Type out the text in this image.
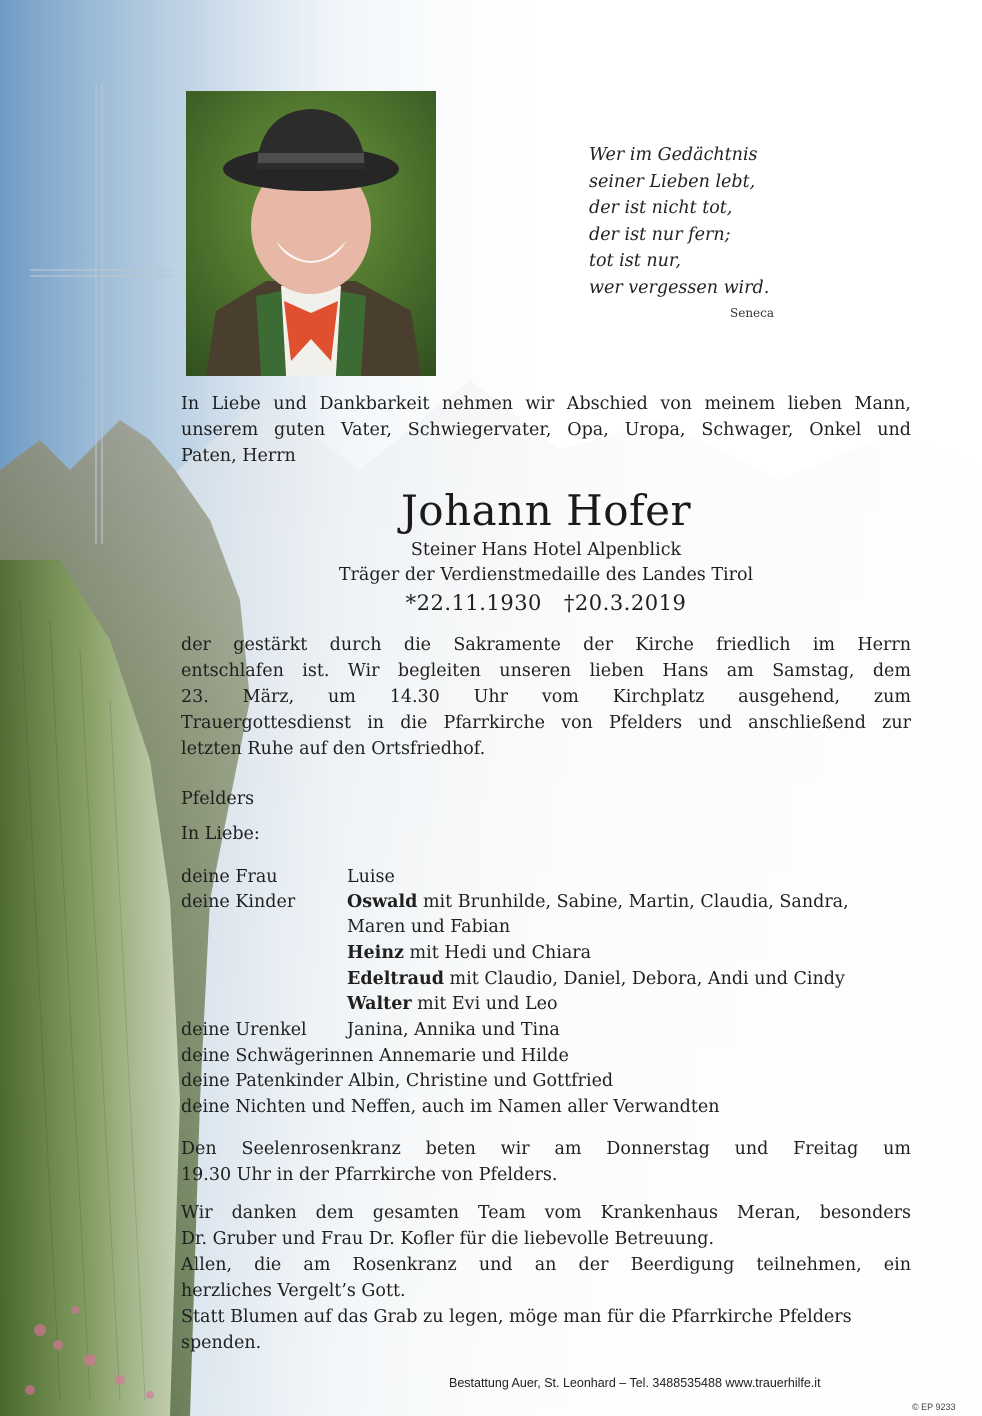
Wer im Gedächtnis
seiner Lieben lebt,
der ist nicht tot,
der ist nur fern;
tot ist nur,
wer vergessen wird.
Seneca
In Liebe und Dankbarkeit nehmen wir Abschied von meinem lieben Mann,
unserem guten Vater, Schwiegervater, Opa, Uropa, Schwager, Onkel und
Paten, Herrn
Johann Hofer
Steiner Hans Hotel Alpenblick
Träger der Verdienstmedaille des Landes Tirol
*22.11.1930 †20.3.2019
der gestärkt durch die Sakramente der Kirche friedlich im Herrn
entschlafen ist. Wir begleiten unseren lieben Hans am Samstag, dem
23. März, um 14.30 Uhr vom Kirchplatz ausgehend, zum
Trauergottesdienst in die Pfarrkirche von Pfelders und anschließend zur
letzten Ruhe auf den Ortsfriedhof.
Pfelders
In Liebe:
deine Frau	Luise
deine Kinder	Oswald mit Brunhilde, Sabine, Martin, Claudia, Sandra,
Maren und Fabian
Heinz mit Hedi und Chiara
Edeltraud mit Claudio, Daniel, Debora, Andi und Cindy
Walter mit Evi und Leo
deine Urenkel Janina, Annika und Tina
deine Schwägerinnen Annemarie und Hilde
deine Patenkinder Albin, Christine und Gottfried
deine Nichten und Neffen, auch im Namen aller Verwandten
Den Seelenrosenkranz beten wir am Donnerstag und Freitag um
19.30 Uhr in der Pfarrkirche von Pfelders.
Wir danken dem gesamten Team vom Krankenhaus Meran, besonders
Dr. Gruber und Frau Dr. Kofler für die liebevolle Betreuung.
Allen, die am Rosenkranz und an der Beerdigung teilnehmen, ein
herzliches Vergelt’s Gott.
Statt Blumen auf das Grab zu legen, möge man für die Pfarrkirche Pfelders
spenden.
Bestattung Auer, St. Leonhard – Tel. 3488535488 www.trauerhilfe.it
© EP 9233
